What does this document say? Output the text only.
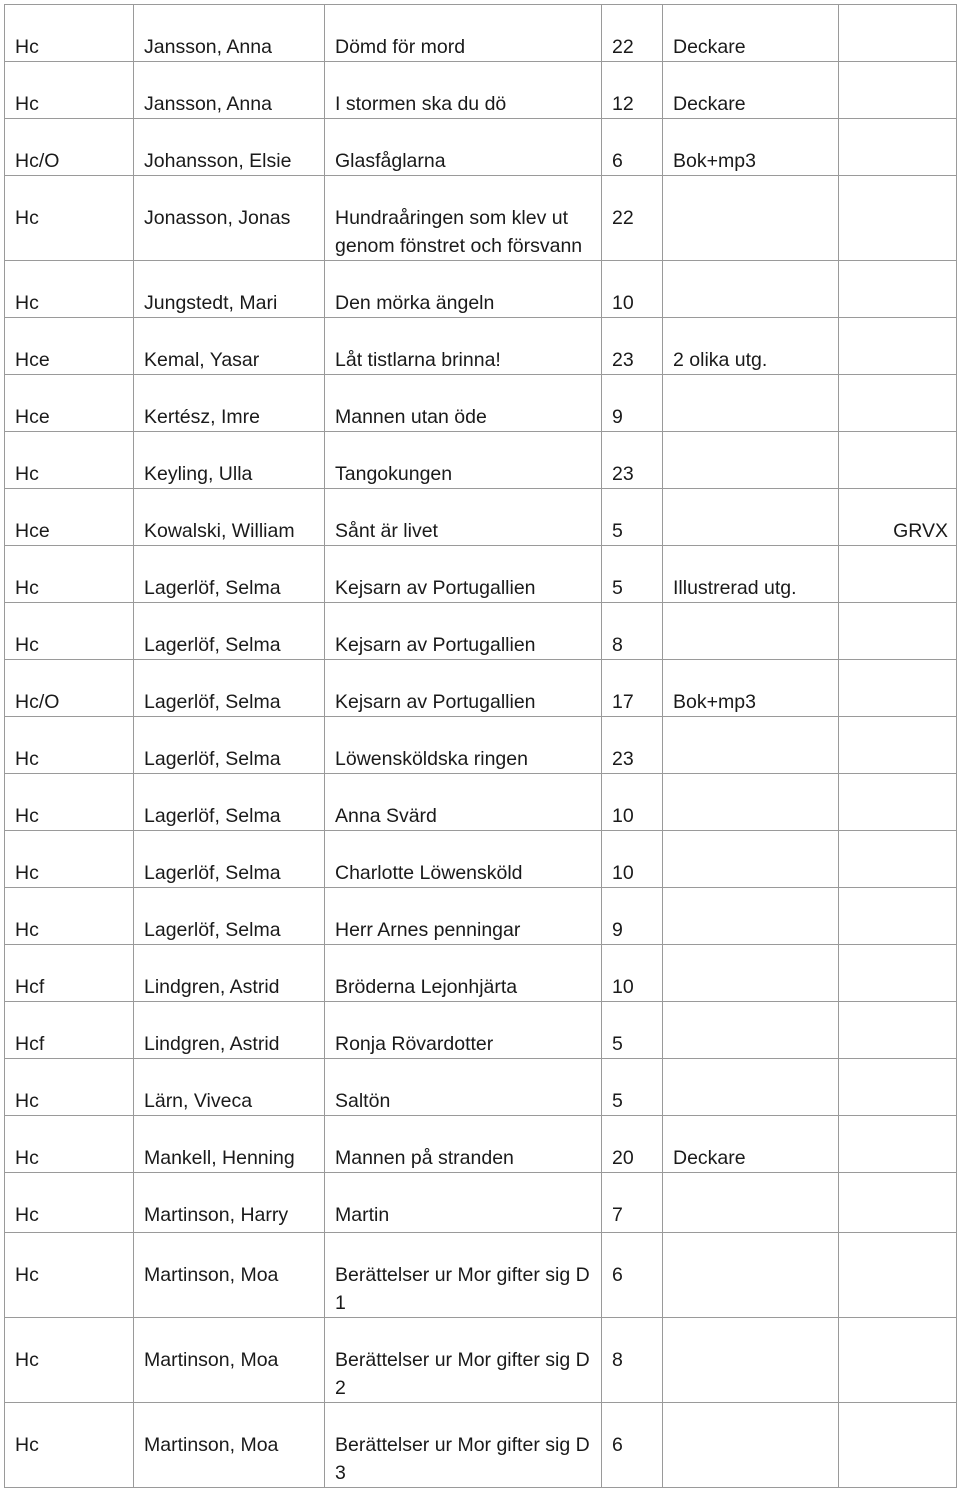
Hc	Jansson, Anna	Dömd för mord	22	Deckare	
Hc	Jansson, Anna	I stormen ska du dö	12	Deckare	
Hc/O	Johansson, Elsie	Glasfåglarna	6	Bok+mp3	
Hc	Jonasson, Jonas	Hundraåringen som klev ut genom fönstret och försvann	22		
Hc	Jungstedt, Mari	Den mörka ängeln	10		
Hce	Kemal, Yasar	Låt tistlarna brinna!	23	2 olika utg.	
Hce	Kertész, Imre	Mannen utan öde	9		
Hc	Keyling, Ulla	Tangokungen	23		
Hce	Kowalski, William	Sånt är livet	5		GRVX
Hc	Lagerlöf, Selma	Kejsarn av Portugallien	5	Illustrerad utg.	
Hc	Lagerlöf, Selma	Kejsarn av Portugallien	8		
Hc/O	Lagerlöf, Selma	Kejsarn av Portugallien	17	Bok+mp3	
Hc	Lagerlöf, Selma	Löwensköldska ringen	23		
Hc	Lagerlöf, Selma	Anna Svärd	10		
Hc	Lagerlöf, Selma	Charlotte Löwensköld	10		
Hc	Lagerlöf, Selma	Herr Arnes penningar	9		
Hcf	Lindgren, Astrid	Bröderna Lejonhjärta	10		
Hcf	Lindgren, Astrid	Ronja Rövardotter	5		
Hc	Lärn, Viveca	Saltön	5		
Hc	Mankell, Henning	Mannen på stranden	20	Deckare	
Hc	Martinson, Harry	Martin	7		
Hc	Martinson, Moa	Berättelser ur Mor gifter sig D 1	6		
Hc	Martinson, Moa	Berättelser ur Mor gifter sig D 2	8		
Hc	Martinson, Moa	Berättelser ur Mor gifter sig D 3	6		
